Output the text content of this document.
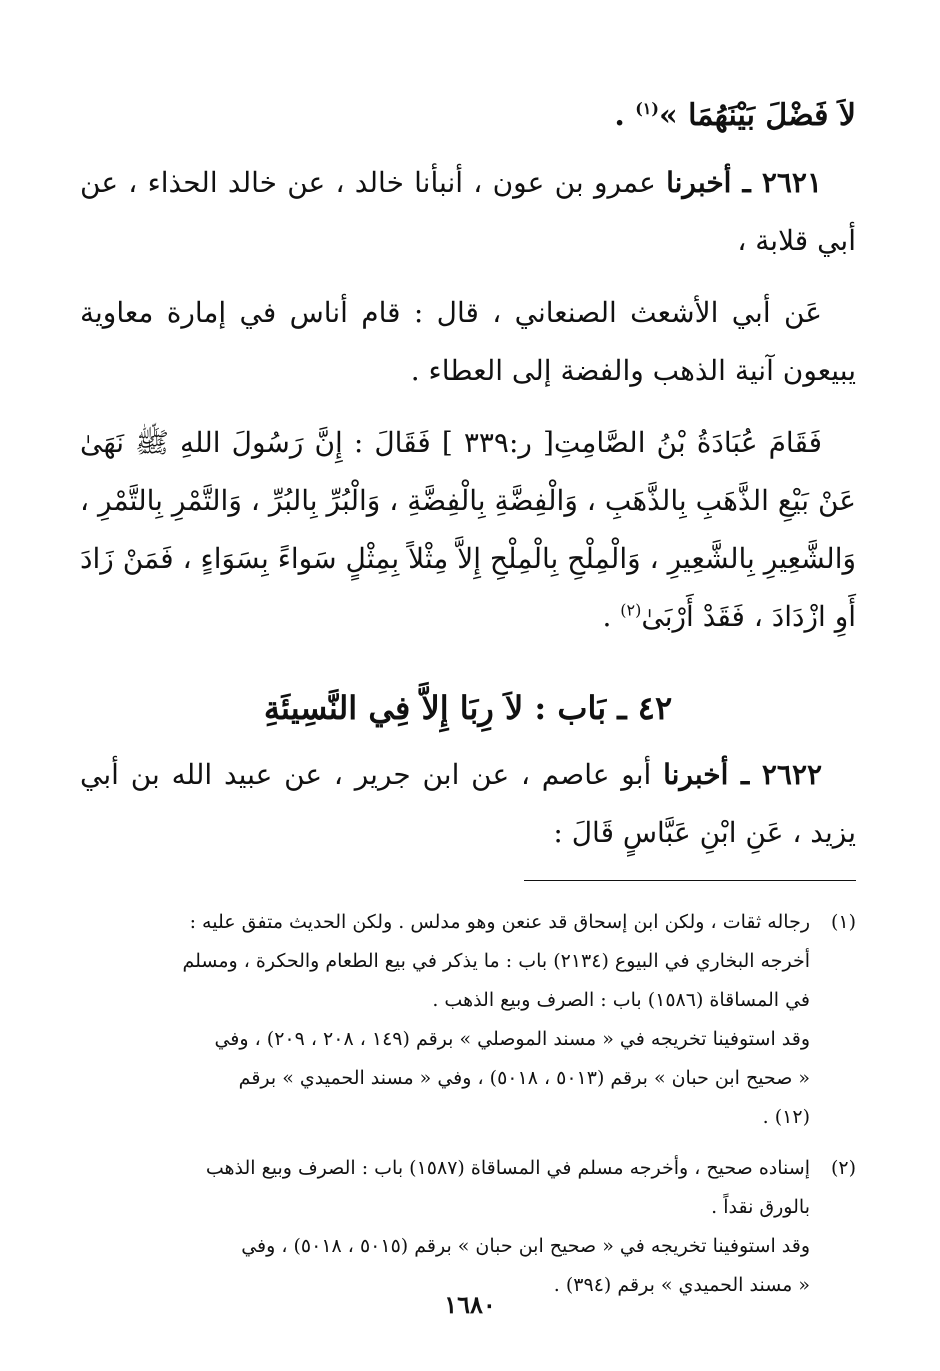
لاَ فَضْلَ بَيْنَهُمَا »$^{(١)}$ .

٢٦٢١ ـ أخبرنا عمرو بن عون ، أنبأنا خالد ، عن خالد الحذاء ، عن أبي قلابة ،

عَن أبي الأشعث الصنعاني ، قال : قام أناس في إمارة معاوية يبيعون آنية الذهب والفضة إلى العطاء .

فَقَامَ عُبَادَةُ بْنُ الصَّامِتِ[ ر:٣٣٩ ] فَقَالَ : إِنَّ رَسُولَ اللهِ ﷺ نَهَىٰ عَنْ بَيْعِ الذَّهَبِ بِالذَّهَبِ ، وَالْفِضَّةِ بِالْفِضَّةِ ، وَالْبُرِّ بِالبُرِّ ، وَالتَّمْرِ بِالتَّمْرِ ، وَالشَّعِيرِ بِالشَّعِيرِ ، وَالْمِلْحِ بِالْمِلْحِ إِلاَّ مِثْلاً بِمِثْلٍ سَواءً بِسَوَاءٍ ، فَمَنْ زَادَ أَوِ ازْدَادَ ، فَقَدْ أَرْبَىٰ$^{(٢)}$ .

٤٢ ـ بَاب : لاَ رِبَا إِلاَّ فِي النَّسِيئَةِ

٢٦٢٢ ـ أخبرنا أبو عاصم ، عن ابن جرير ، عن عبيد الله بن أبي يزيد ، عَنِ ابْنِ عَبَّاسٍ قَالَ :

(١)
رجاله ثقات ، ولكن ابن إسحاق قد عنعن وهو مدلس . ولكن الحديث متفق عليه :
أخرجه البخاري في البيوع (٢١٣٤) باب : ما يذكر في بيع الطعام والحكرة ، ومسلم
في المساقاة (١٥٨٦) باب : الصرف وبيع الذهب .
وقد استوفينا تخريجه في « مسند الموصلي » برقم (١٤٩ ، ٢٠٨ ، ٢٠٩) ، وفي
« صحيح ابن حبان » برقم (٥٠١٣ ، ٥٠١٨) ، وفي « مسند الحميدي » برقم
(١٢) .
(٢)
إسناده صحيح ، وأخرجه مسلم في المساقاة (١٥٨٧) باب : الصرف وبيع الذهب
بالورق نقداً .
وقد استوفينا تخريجه في « صحيح ابن حبان » برقم (٥٠١٥ ، ٥٠١٨) ، وفي
« مسند الحميدي » برقم (٣٩٤) .
١٦٨٠
